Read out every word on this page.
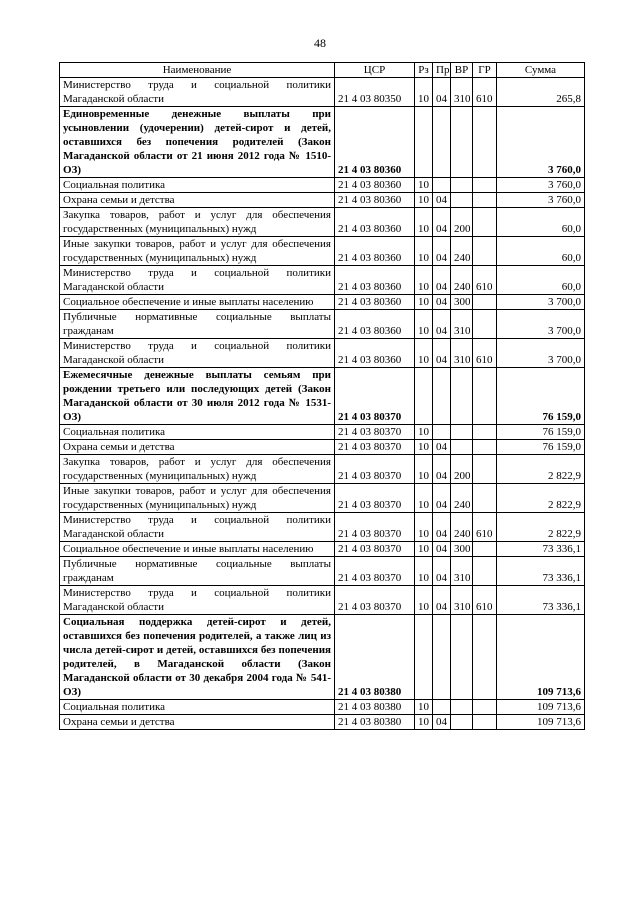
48
Наименование	ЦСР	Рз	Пр	ВР	ГР	Сумма
Министерство труда и социальной политики Магаданской области	21 4 03 80350	10	04	310	610	265,8
Единовременные денежные выплаты при усыновлении (удочерении) детей-сирот и детей, оставшихся без попечения родителей (Закон Магаданской области от 21 июня 2012 года № 1510-ОЗ)	21 4 03 80360					3 760,0
Социальная политика	21 4 03 80360	10				3 760,0
Охрана семьи и детства	21 4 03 80360	10	04			3 760,0
Закупка товаров, работ и услуг для обеспечения государственных (муниципальных) нужд	21 4 03 80360	10	04	200		60,0
Иные закупки товаров, работ и услуг для обеспечения государственных (муниципальных) нужд	21 4 03 80360	10	04	240		60,0
Министерство труда и социальной политики Магаданской области	21 4 03 80360	10	04	240	610	60,0
Социальное обеспечение и иные выплаты населению	21 4 03 80360	10	04	300		3 700,0
Публичные нормативные социальные выплаты гражданам	21 4 03 80360	10	04	310		3 700,0
Министерство труда и социальной политики Магаданской области	21 4 03 80360	10	04	310	610	3 700,0
Ежемесячные денежные выплаты семьям при рождении третьего или последующих детей (Закон Магаданской области от 30 июля 2012 года № 1531-ОЗ)	21 4 03 80370					76 159,0
Социальная политика	21 4 03 80370	10				76 159,0
Охрана семьи и детства	21 4 03 80370	10	04			76 159,0
Закупка товаров, работ и услуг для обеспечения государственных (муниципальных) нужд	21 4 03 80370	10	04	200		2 822,9
Иные закупки товаров, работ и услуг для обеспечения государственных (муниципальных) нужд	21 4 03 80370	10	04	240		2 822,9
Министерство труда и социальной политики Магаданской области	21 4 03 80370	10	04	240	610	2 822,9
Социальное обеспечение и иные выплаты населению	21 4 03 80370	10	04	300		73 336,1
Публичные нормативные социальные выплаты гражданам	21 4 03 80370	10	04	310		73 336,1
Министерство труда и социальной политики Магаданской области	21 4 03 80370	10	04	310	610	73 336,1
Социальная поддержка детей-сирот и детей, оставшихся без попечения родителей, а также лиц из числа детей-сирот и детей, оставшихся без попечения родителей, в Магаданской области (Закон Магаданской области от 30 декабря 2004 года № 541-ОЗ)	21 4 03 80380					109 713,6
Социальная политика	21 4 03 80380	10				109 713,6
Охрана семьи и детства	21 4 03 80380	10	04			109 713,6
